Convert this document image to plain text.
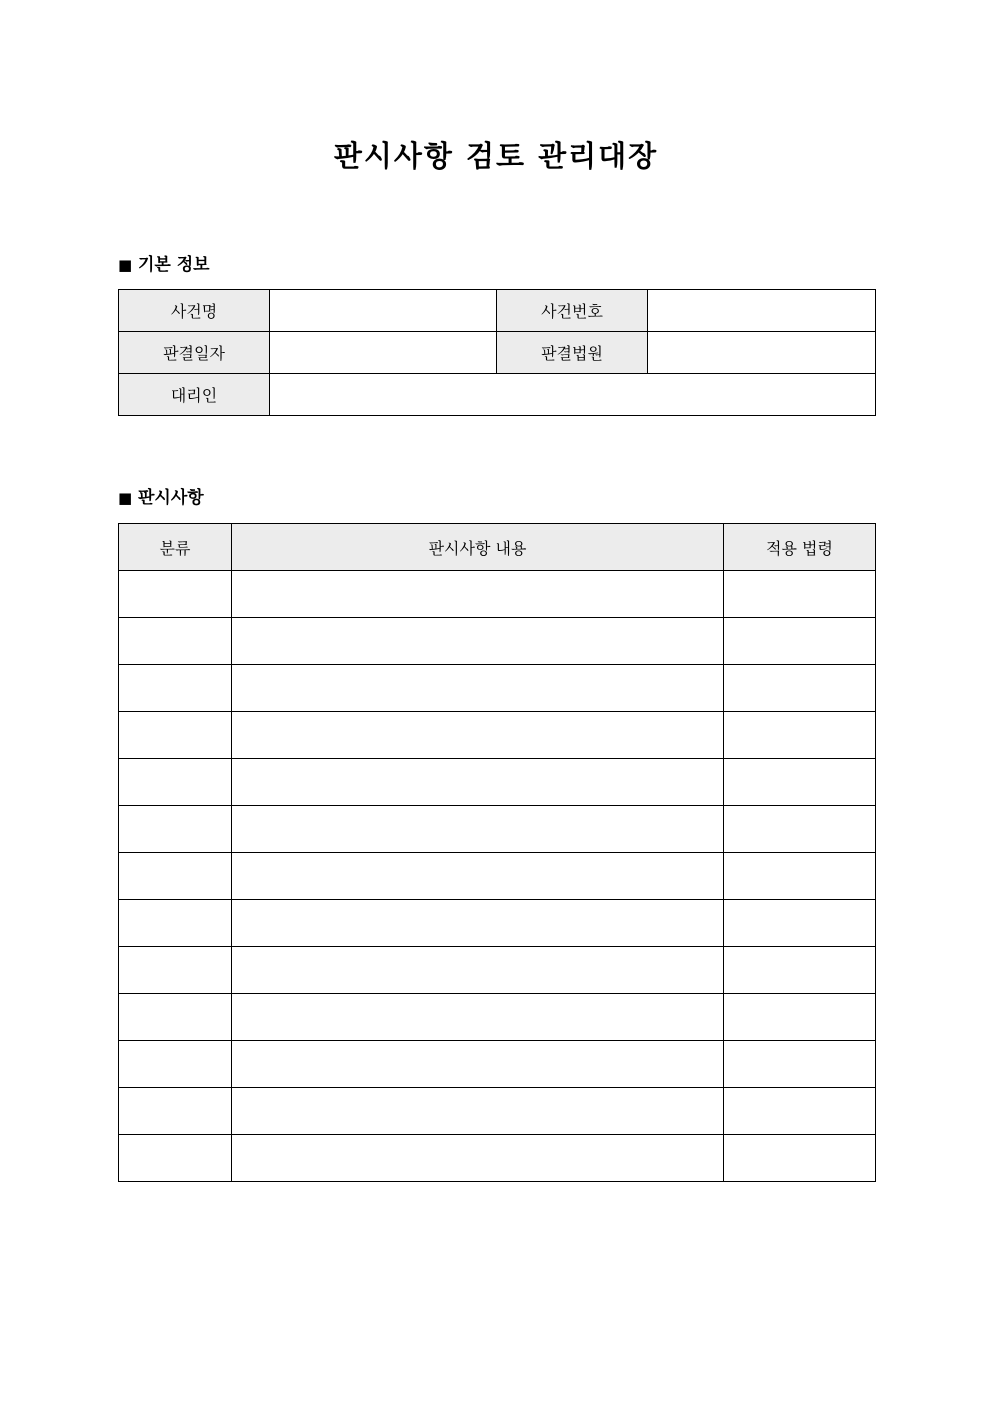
판시사항 검토 관리대장
■ 기본 정보
사건명		사건번호	
판결일자		판결법원	
대리인			
■ 판시사항
분류	판시사항 내용	적용 법령
